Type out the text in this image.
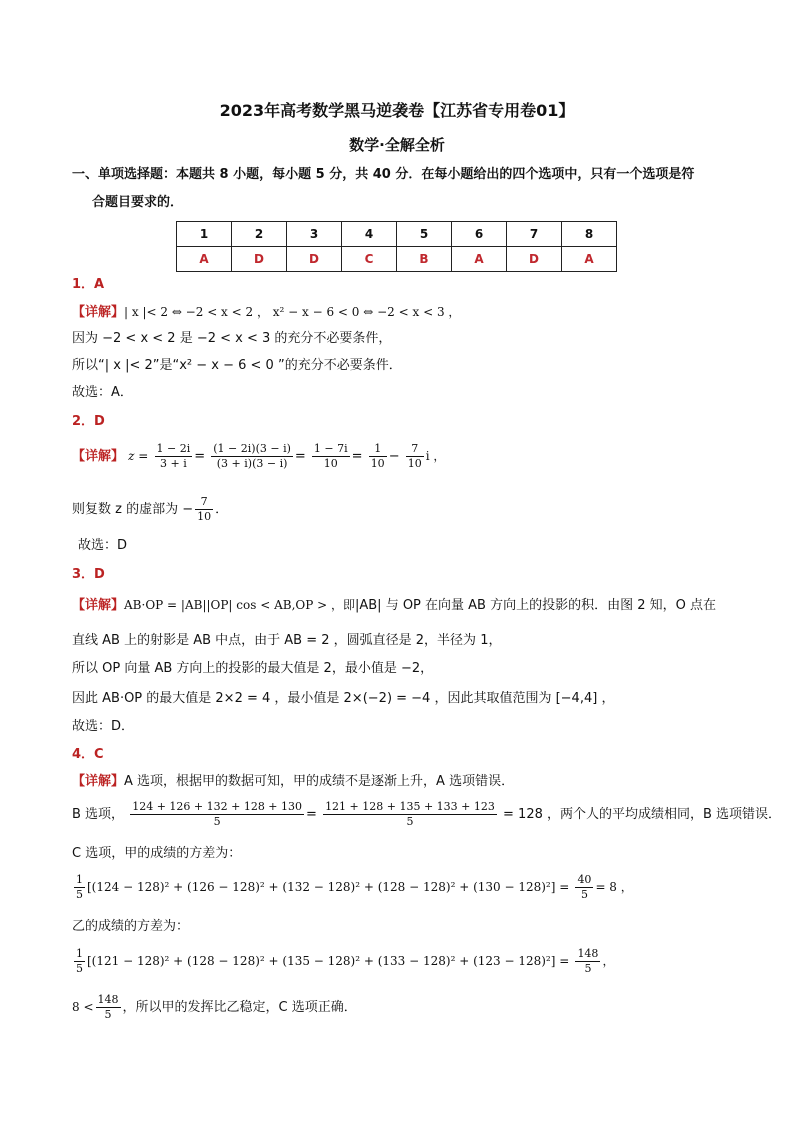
2023年高考数学黑马逆袭卷【江苏省专用卷01】
数学·全解全析
一、单项选择题：本题共 8 小题，每小题 5 分，共 40 分．在每小题给出的四个选项中，只有一个选项是符
合题目要求的．
1	2	3	4	5	6	7	8
A	D	D	C	B	A	D	A
1．A
【详解】| x |< 2 ⇔ −2 < x < 2 ， x² − x − 6 < 0 ⇔ −2 < x < 3 ，
因为 −2 < x < 2 是 −2 < x < 3 的充分不必要条件，
所以“| x |< 2”是“x² − x − 6 < 0 ”的充分不必要条件．
故选：A．
2．D
【详解】 $z = \frac{1 - 2i}{3 + i} = \frac{(1 - 2i)(3 - i)}{(3 + i)(3 - i)} = \frac{1 - 7i}{10} = \frac{1}{10} - \frac{7}{10}$ i ，
则复数 z 的虚部为 − $\frac{7}{10}$ ．
故选：D
3．D
【详解】AB·OP = |AB||OP| cos < AB,OP > ，即|AB| 与 OP 在向量 AB 方向上的投影的积．由图 2 知，O 点在
直线 AB 上的射影是 AB 中点，由于 AB = 2 ，圆弧直径是 2，半径为 1，
所以 OP 向量 AB 方向上的投影的最大值是 2，最小值是 −2，
因此 AB·OP 的最大值是 2×2 = 4 ，最小值是 2×(−2) = −4 ，因此其取值范围为 [−4,4] ，
故选：D．
4．C
【详解】A 选项，根据甲的数据可知，甲的成绩不是逐渐上升，A 选项错误．
B 选项， $\frac{124 + 126 + 132 + 128 + 130}{5} = \frac{121 + 128 + 135 + 133 + 123}{5} = 128$ ，两个人的平均成绩相同，B 选项错误．
C 选项，甲的成绩的方差为：
$\frac{1}{5} [(124 - 128)^2 + (126 - 128)^2 + (132 - 128)^2 + (128 - 128)^2 + (130 - 128)^2] = \frac{40}{5} = 8$ ，
乙的成绩的方差为：
$\frac{1}{5} [(121 - 128)^2 + (128 - 128)^2 + (135 - 128)^2 + (133 - 128)^2 + (123 - 128)^2] = \frac{148}{5}$ ，
$8 < \frac{148}{5}$ ，所以甲的发挥比乙稳定，C 选项正确．
